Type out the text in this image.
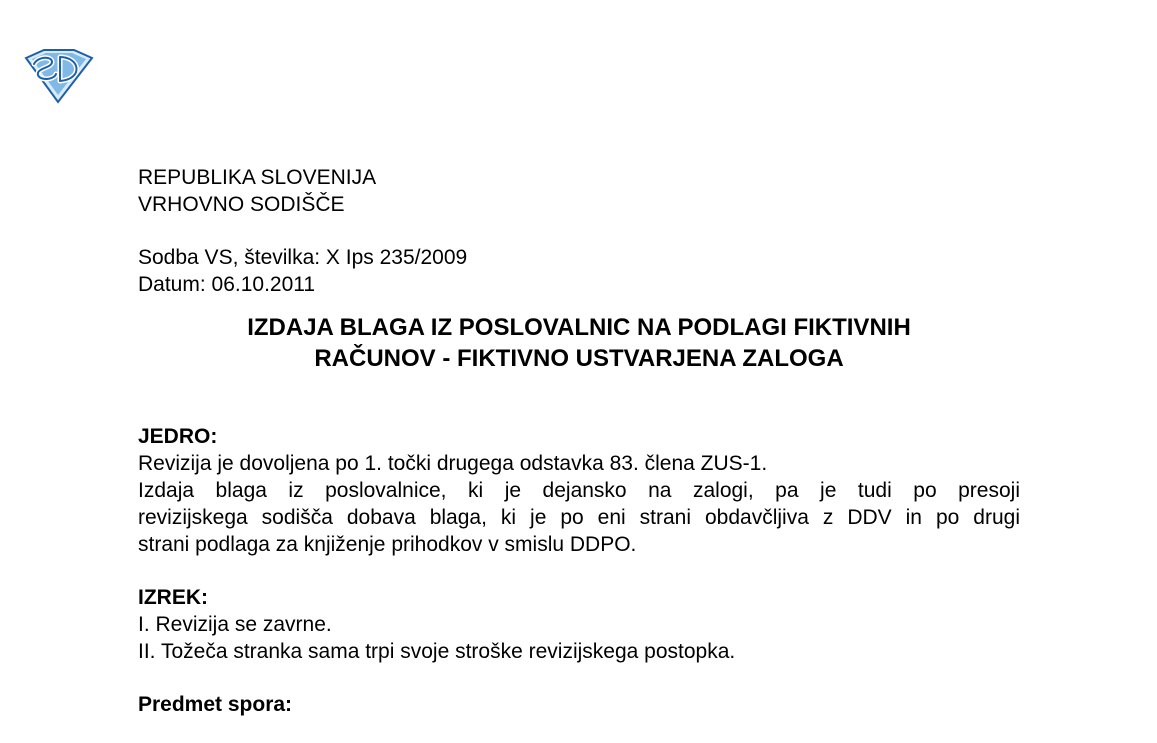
REPUBLIKA SLOVENIJA
VRHOVNO SODIŠČE
Sodba VS, številka: X Ips 235/2009
Datum: 06.10.2011
IZDAJA BLAGA IZ POSLOVALNIC NA PODLAGI FIKTIVNIH
RAČUNOV - FIKTIVNO USTVARJENA ZALOGA
JEDRO:
Revizija je dovoljena po 1. točki drugega odstavka 83. člena ZUS-1.
Izdaja blaga iz poslovalnice, ki je dejansko na zalogi, pa je tudi po presoji
revizijskega sodišča dobava blaga, ki je po eni strani obdavčljiva z DDV in po drugi
strani podlaga za knjiženje prihodkov v smislu DDPO.
IZREK:
I. Revizija se zavrne.
II. Tožeča stranka sama trpi svoje stroške revizijskega postopka.
Predmet spora:
